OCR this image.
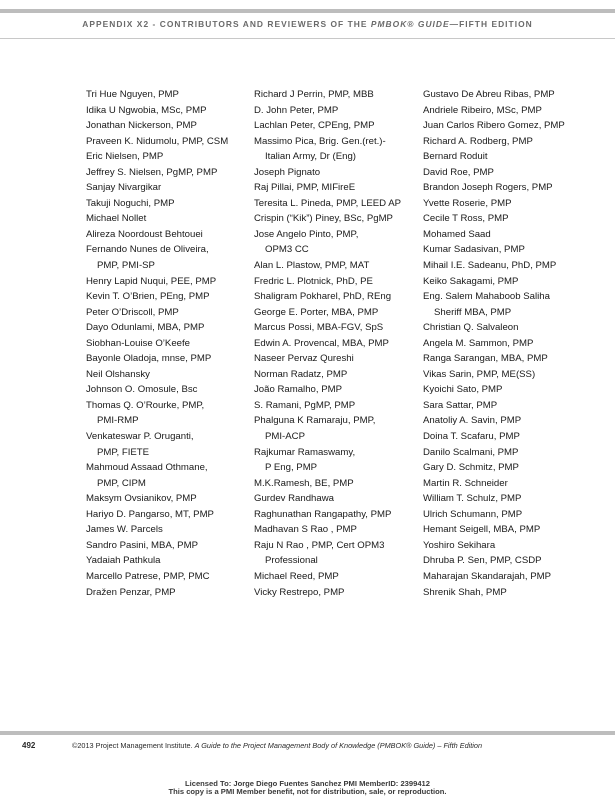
APPENDIX X2 - CONTRIBUTORS AND REVIEWERS OF THE PMBOK® GUIDE—FIFTH EDITION
Tri Hue Nguyen, PMP
Idika U Ngwobia, MSc, PMP
Jonathan Nickerson, PMP
Praveen K. Nidumolu, PMP, CSM
Eric Nielsen, PMP
Jeffrey S. Nielsen, PgMP, PMP
Sanjay Nivargikar
Takuji Noguchi, PMP
Michael Nollet
Alireza Noordoust Behtouei
Fernando Nunes de Oliveira,
PMP, PMI-SP
Henry Lapid Nuqui, PEE, PMP
Kevin T. O’Brien, PEng, PMP
Peter O’Driscoll, PMP
Dayo Odunlami, MBA, PMP
Siobhan-Louise O’Keefe
Bayonle Oladoja, mnse, PMP
Neil Olshansky
Johnson O. Omosule, Bsc
Thomas Q. O’Rourke, PMP,
PMI-RMP
Venkateswar P. Oruganti,
PMP, FIETE
Mahmoud Assaad Othmane,
PMP, CIPM
Maksym Ovsianikov, PMP
Hariyo D. Pangarso, MT, PMP
James W. Parcels
Sandro Pasini, MBA, PMP
Yadaiah Pathkula
Marcello Patrese, PMP, PMC
Dražen Penzar, PMP
Richard J Perrin, PMP, MBB
D. John Peter, PMP
Lachlan Peter, CPEng, PMP
Massimo Pica, Brig. Gen.(ret.)-
Italian Army, Dr (Eng)
Joseph Pignato
Raj Pillai, PMP, MIFireE
Teresita L. Pineda, PMP, LEED AP
Crispin (“Kik”) Piney, BSc, PgMP
Jose Angelo Pinto, PMP,
OPM3 CC
Alan L. Plastow, PMP, MAT
Fredric L. Plotnick, PhD, PE
Shaligram Pokharel, PhD, REng
George E. Porter, MBA, PMP
Marcus Possi, MBA-FGV, SpS
Edwin A. Provencal, MBA, PMP
Naseer Pervaz Qureshi
Norman Radatz, PMP
João Ramalho, PMP
S. Ramani, PgMP, PMP
Phalguna K Ramaraju, PMP,
PMI-ACP
Rajkumar Ramaswamy,
P Eng, PMP
M.K.Ramesh, BE, PMP
Gurdev Randhawa
Raghunathan Rangapathy, PMP
Madhavan S Rao , PMP
Raju N Rao , PMP, Cert OPM3
Professional
Michael Reed, PMP
Vicky Restrepo, PMP
Gustavo De Abreu Ribas, PMP
Andriele Ribeiro, MSc, PMP
Juan Carlos Ribero Gomez, PMP
Richard A. Rodberg, PMP
Bernard Roduit
David Roe, PMP
Brandon Joseph Rogers, PMP
Yvette Roserie, PMP
Cecile T Ross, PMP
Mohamed Saad
Kumar Sadasivan, PMP
Mihail I.E. Sadeanu, PhD, PMP
Keiko Sakagami, PMP
Eng. Salem Mahaboob Saliha
Sheriff MBA, PMP
Christian Q. Salvaleon
Angela M. Sammon, PMP
Ranga Sarangan, MBA, PMP
Vikas Sarin, PMP, ME(SS)
Kyoichi Sato, PMP
Sara Sattar, PMP
Anatoliy A. Savin, PMP
Doina T. Scafaru, PMP
Danilo Scalmani, PMP
Gary D. Schmitz, PMP
Martin R. Schneider
William T. Schulz, PMP
Ulrich Schumann, PMP
Hemant Seigell, MBA, PMP
Yoshiro Sekihara
Dhruba P. Sen, PMP, CSDP
Maharajan Skandarajah, PMP
Shrenik Shah, PMP
492	©2013 Project Management Institute. A Guide to the Project Management Body of Knowledge (PMBOK® Guide) – Fifth Edition
Licensed To: Jorge Diego Fuentes Sanchez PMI MemberID: 2399412
This copy is a PMI Member benefit, not for distribution, sale, or reproduction.
